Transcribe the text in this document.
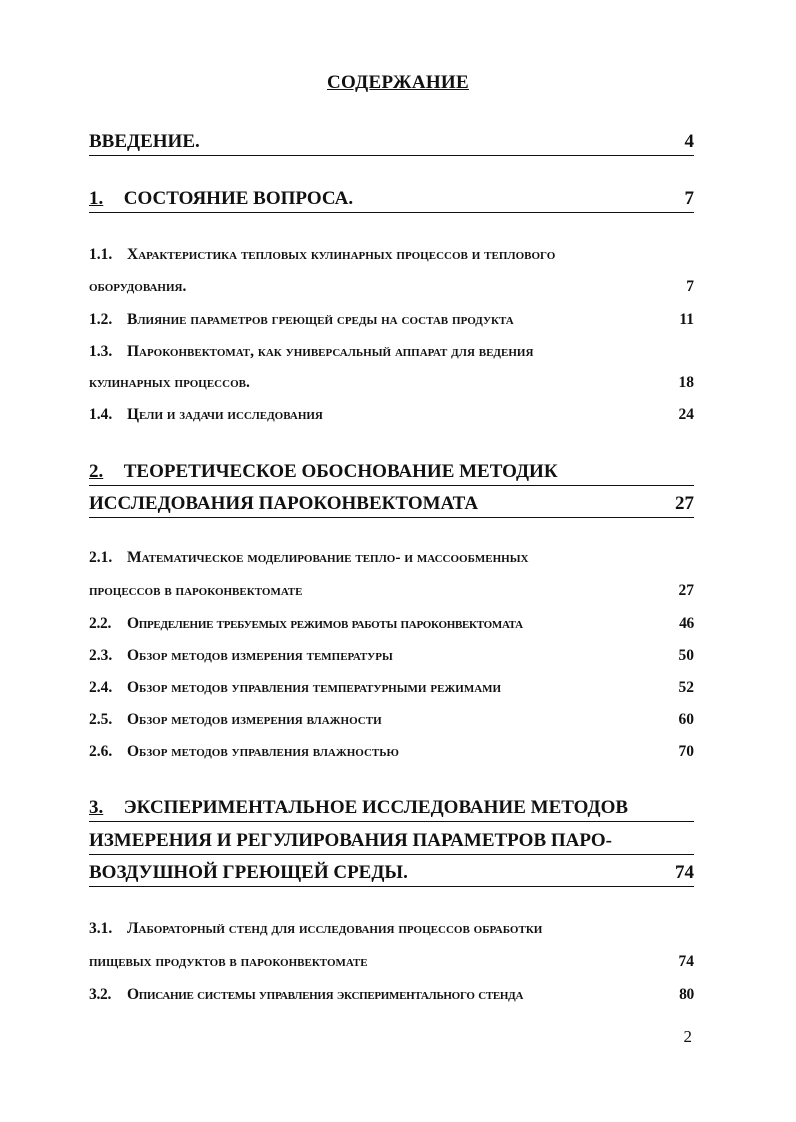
СОДЕРЖАНИЕ
ВВЕДЕНИЕ.	4
1. СОСТОЯНИЕ ВОПРОСА.	7
1.1. Характеристика тепловых кулинарных процессов и теплового
оборудования.	7
1.2. Влияние параметров греющей среды на состав продукта	11
1.3. Пароконвектомат, как универсальный аппарат для ведения
кулинарных процессов.	18
1.4. Цели и задачи исследования	24
2. ТЕОРЕТИЧЕСКОЕ ОБОСНОВАНИЕ МЕТОДИК
ИССЛЕДОВАНИЯ ПАРОКОНВЕКТОМАТА	27
2.1. Математическое моделирование тепло- и массообменных
процессов в пароконвектомате	27
2.2. Определение требуемых режимов работы пароконвектомата	46
2.3. Обзор методов измерения температуры	50
2.4. Обзор методов управления температурными режимами	52
2.5. Обзор методов измерения влажности	60
2.6. Обзор методов управления влажностью	70
3. ЭКСПЕРИМЕНТАЛЬНОЕ ИССЛЕДОВАНИЕ МЕТОДОВ
ИЗМЕРЕНИЯ И РЕГУЛИРОВАНИЯ ПАРАМЕТРОВ ПАРО-
ВОЗДУШНОЙ ГРЕЮЩЕЙ СРЕДЫ.	74
3.1. Лабораторный стенд для исследования процессов обработки
пищевых продуктов в пароконвектомате	74
3.2. Описание системы управления экспериментального стенда	80
2
